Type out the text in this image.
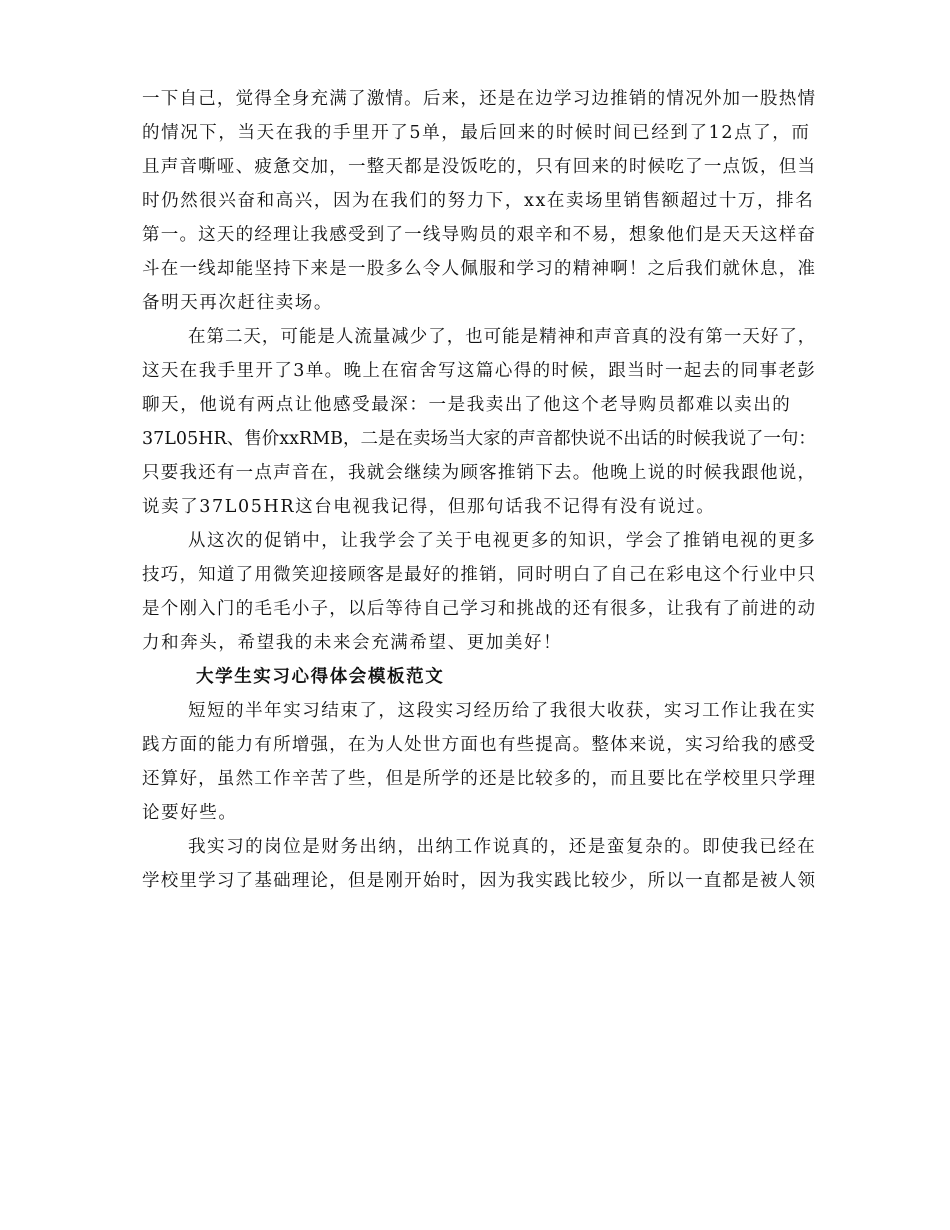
一下自己，觉得全身充满了激情。后来，还是在边学习边推销的情况外加一股热情
的情况下，当天在我的手里开了5单，最后回来的时候时间已经到了12点了，而
且声音嘶哑、疲惫交加，一整天都是没饭吃的，只有回来的时候吃了一点饭，但当
时仍然很兴奋和高兴，因为在我们的努力下，xx在卖场里销售额超过十万，排名
第一。这天的经理让我感受到了一线导购员的艰辛和不易，想象他们是天天这样奋
斗在一线却能坚持下来是一股多么令人佩服和学习的精神啊！之后我们就休息，准
备明天再次赶往卖场。
在第二天，可能是人流量减少了，也可能是精神和声音真的没有第一天好了，
这天在我手里开了3单。晚上在宿舍写这篇心得的时候，跟当时一起去的同事老彭
聊天，他说有两点让他感受最深：一是我卖出了他这个老导购员都难以卖出的
37L05HR、售价xxRMB，二是在卖场当大家的声音都快说不出话的时候我说了一句：
只要我还有一点声音在，我就会继续为顾客推销下去。他晚上说的时候我跟他说，
说卖了37L05HR这台电视我记得，但那句话我不记得有没有说过。
从这次的促销中，让我学会了关于电视更多的知识，学会了推销电视的更多
技巧，知道了用微笑迎接顾客是最好的推销，同时明白了自己在彩电这个行业中只
是个刚入门的毛毛小子，以后等待自己学习和挑战的还有很多，让我有了前进的动
力和奔头，希望我的未来会充满希望、更加美好！
大学生实习心得体会模板范文
短短的半年实习结束了，这段实习经历给了我很大收获，实习工作让我在实
践方面的能力有所增强，在为人处世方面也有些提高。整体来说，实习给我的感受
还算好，虽然工作辛苦了些，但是所学的还是比较多的，而且要比在学校里只学理
论要好些。
我实习的岗位是财务出纳，出纳工作说真的，还是蛮复杂的。即使我已经在
学校里学习了基础理论，但是刚开始时，因为我实践比较少，所以一直都是被人领
